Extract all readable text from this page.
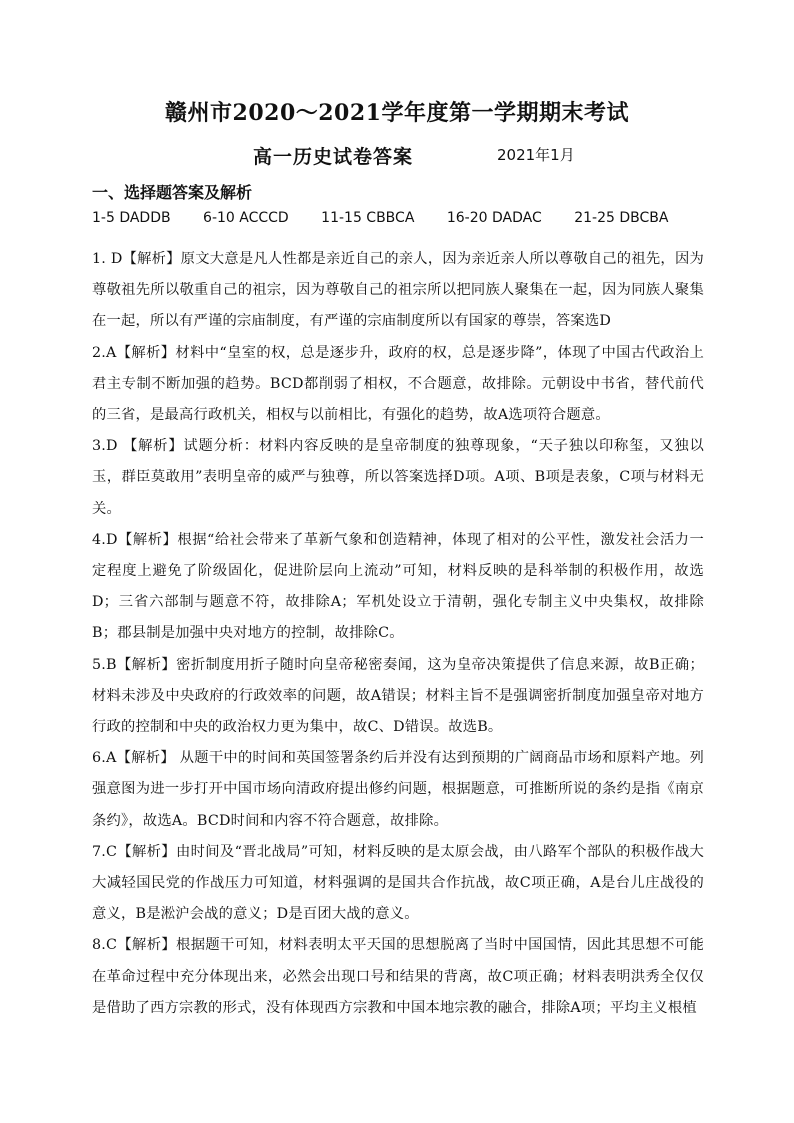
赣州市2020～2021学年度第一学期期末考试
高一历史试卷答案	2021年1月
一、选择题答案及解析
1-5 DADDB 6-10 ACCCD 11-15 CBBCA 16-20 DADAC 21-25 DBCBA

1. D【解析】原文大意是凡人性都是亲近自己的亲人，因为亲近亲人所以尊敬自己的祖先，因为尊敬祖先所以敬重自己的祖宗，因为尊敬自己的祖宗所以把同族人聚集在一起，因为同族人聚集在一起，所以有严谨的宗庙制度，有严谨的宗庙制度所以有国家的尊崇，答案选D

2.A【解析】材料中“皇室的权，总是逐步升，政府的权，总是逐步降”，体现了中国古代政治上君主专制不断加强的趋势。BCD都削弱了相权，不合题意，故排除。元朝设中书省，替代前代的三省，是最高行政机关，相权与以前相比，有强化的趋势，故A选项符合题意。

3.D 【解析】试题分析：材料内容反映的是皇帝制度的独尊现象，“天子独以印称玺，又独以玉，群臣莫敢用”表明皇帝的威严与独尊，所以答案选择D项。A项、B项是表象，C项与材料无关。

4.D【解析】根据“给社会带来了革新气象和创造精神，体现了相对的公平性，激发社会活力一定程度上避免了阶级固化，促进阶层向上流动”可知，材料反映的是科举制的积极作用，故选D；三省六部制与题意不符，故排除A；军机处设立于清朝，强化专制主义中央集权，故排除B；郡县制是加强中央对地方的控制，故排除C。

5.B【解析】密折制度用折子随时向皇帝秘密奏闻，这为皇帝决策提供了信息来源，故B正确；材料未涉及中央政府的行政效率的问题，故A错误；材料主旨不是强调密折制度加强皇帝对地方行政的控制和中央的政治权力更为集中，故C、D错误。故选B。

6.A【解析】 从题干中的时间和英国签署条约后并没有达到预期的广阔商品市场和原料产地。列强意图为进一步打开中国市场向清政府提出修约问题，根据题意，可推断所说的条约是指《南京条约》，故选A。BCD时间和内容不符合题意，故排除。

7.C【解析】由时间及“晋北战局”可知，材料反映的是太原会战，由八路军个部队的积极作战大大减轻国民党的作战压力可知道，材料强调的是国共合作抗战，故C项正确，A是台儿庄战役的意义，B是淞沪会战的意义；D是百团大战的意义。

8.C【解析】根据题干可知，材料表明太平天国的思想脱离了当时中国国情，因此其思想不可能在革命过程中充分体现出来，必然会出现口号和结果的背离，故C项正确；材料表明洪秀全仅仅是借助了西方宗教的形式，没有体现西方宗教和中国本地宗教的融合，排除A项；平均主义根植
